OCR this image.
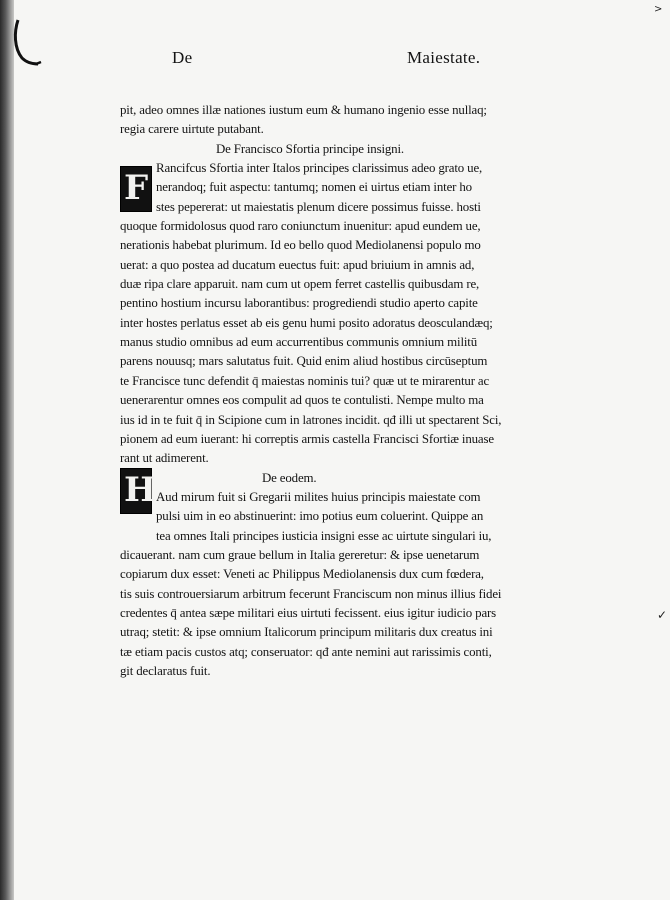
>
✓
De	Maiestate.
F
H
pit, adeo omnes illæ nationes iustum eum & humano ingenio esse nullaq;
regia carere uirtute putabant.
De Francisco Sfortia principe insigni.
Rancifcus Sfortia inter Italos principes clarissimus adeo grato ue,
nerandoq; fuit aspectu: tantumq; nomen ei uirtus etiam inter ho
stes pepererat: ut maiestatis plenum dicere possimus fuisse. hosti
quoque formidolosus quod raro coniunctum inuenitur: apud eundem ue,
nerationis habebat plurimum. Id eo bello quod Mediolanensi populo mo
uerat: a quo postea ad ducatum euectus fuit: apud briuium in amnis ad,
duæ ripa clare apparuit. nam cum ut opem ferret castellis quibusdam re,
pentino hostium incursu laborantibus: progrediendi studio aperto capite
inter hostes perlatus esset ab eis genu humi posito adoratus deosculandæq;
manus studio omnibus ad eum accurrentibus communis omnium militū
parens nouusq; mars salutatus fuit. Quid enim aliud hostibus circūseptum
te Francisce tunc defendit q̄ maiestas nominis tui? quæ ut te mirarentur ac
uenerarentur omnes eos compulit ad quos te contulisti. Nempe multo ma
ius id in te fuit q̄ in Scipione cum in latrones incidit. qđ illi ut spectarent Sci,
pionem ad eum iuerant: hi correptis armis castella Francisci Sfortiæ inuase
rant ut adimerent.
De eodem.
Aud mirum fuit si Gregarii milites huius principis maiestate com
pulsi uim in eo abstinuerint: imo potius eum coluerint. Quippe an
tea omnes Itali principes iusticia insigni esse ac uirtute singulari iu,
dicauerant. nam cum graue bellum in Italia gereretur: & ipse uenetarum
copiarum dux esset: Veneti ac Philippus Mediolanensis dux cum fœdera,
tis suis controuersiarum arbitrum fecerunt Franciscum non minus illius fidei
credentes q̄ antea sæpe militari eius uirtuti fecissent. eius igitur iudicio pars
utraq; stetit: & ipse omnium Italicorum principum militaris dux creatus ini
tæ etiam pacis custos atq; conseruator: qđ ante nemini aut rarissimis conti,
git declaratus fuit.
